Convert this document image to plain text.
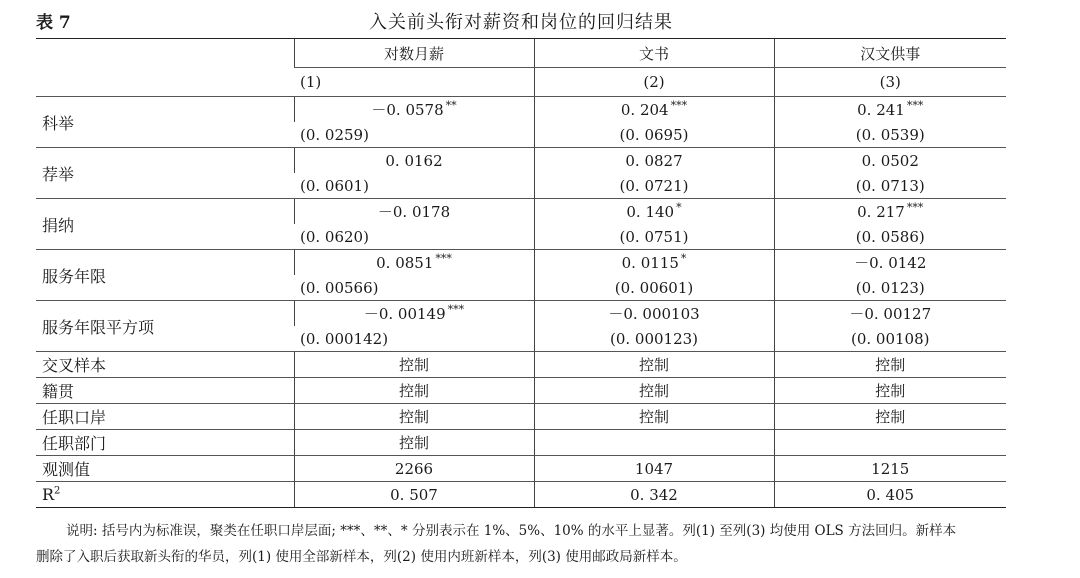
表 7	入关前头衔对薪资和岗位的回归结果
	对数月薪	文书	汉文供事
	(1)	(2)	(3)
科举	－0. 0578 **	0. 204 ***	0. 241 ***
	(0. 0259)	(0. 0695)	(0. 0539)
荐举	0. 0162	0. 0827	0. 0502
	(0. 0601)	(0. 0721)	(0. 0713)
捐纳	－0. 0178	0. 140 *	0. 217 ***
	(0. 0620)	(0. 0751)	(0. 0586)
服务年限	0. 0851 ***	0. 0115 *	－0. 0142
	(0. 00566)	(0. 00601)	(0. 0123)
服务年限平方项	－0. 00149 ***	－0. 000103	－0. 00127
	(0. 000142)	(0. 000123)	(0. 00108)
交叉样本	控制	控制	控制
籍贯	控制	控制	控制
任职口岸	控制	控制	控制
任职部门	控制		
观测值	2266	1047	1215
$R^2$	0. 507	0. 342	0. 405
说明: 括号内为标准误，聚类在任职口岸层面; ***、**、* 分别表示在 1%、5%、10% 的水平上显著。列(1) 至列(3) 均使用 OLS 方法回归。新样本
删除了入职后获取新头衔的华员，列(1) 使用全部新样本，列(2) 使用内班新样本，列(3) 使用邮政局新样本。
